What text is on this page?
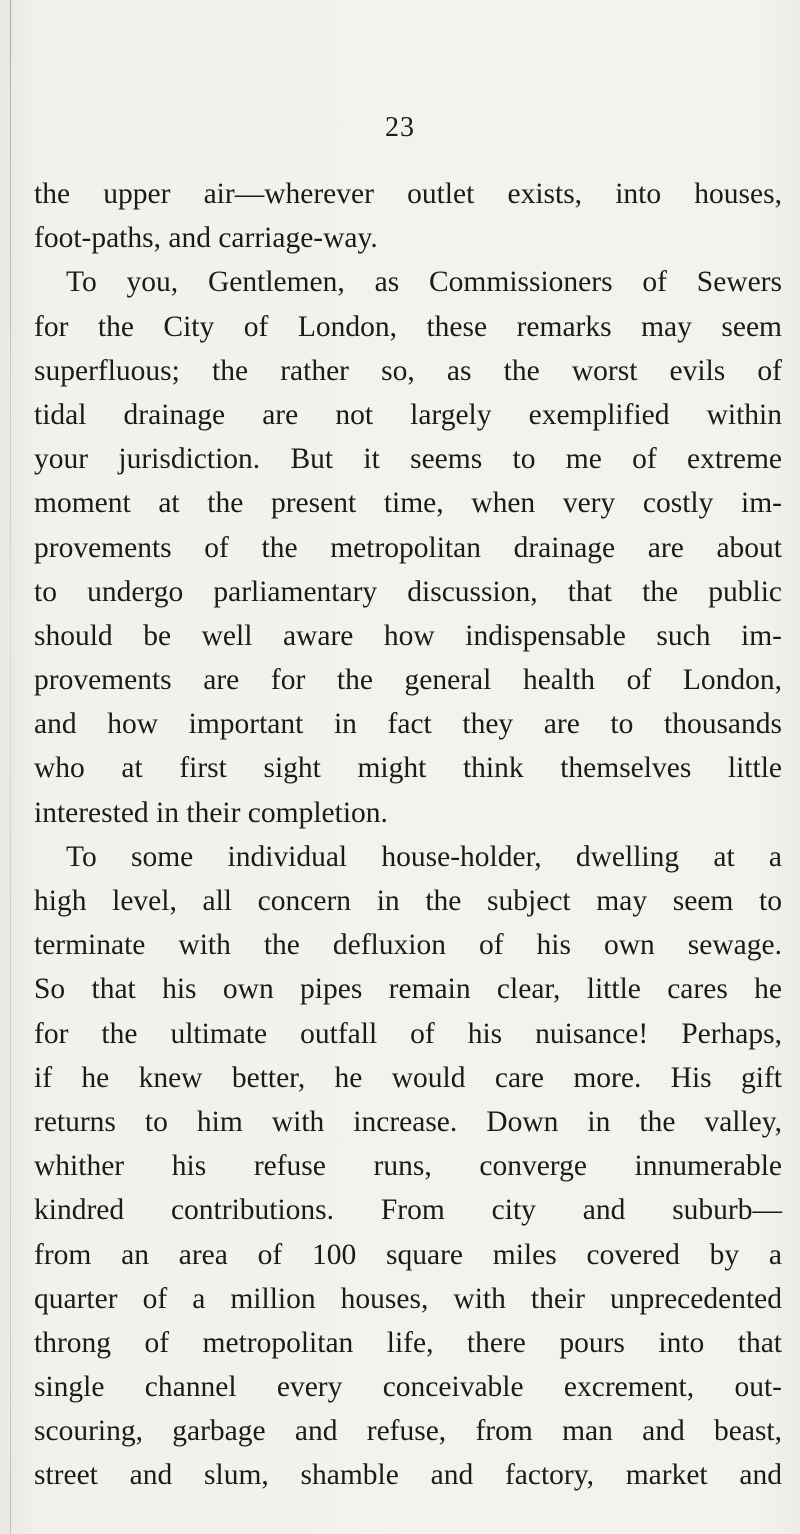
23
the upper air—wherever outlet exists, into houses,
foot-paths, and carriage-way.
To you, Gentlemen, as Commissioners of Sewers
for the City of London, these remarks may seem
superfluous; the rather so, as the worst evils of
tidal drainage are not largely exemplified within
your jurisdiction. But it seems to me of extreme
moment at the present time, when very costly im-
provements of the metropolitan drainage are about
to undergo parliamentary discussion, that the public
should be well aware how indispensable such im-
provements are for the general health of London,
and how important in fact they are to thousands
who at first sight might think themselves little
interested in their completion.
To some individual house-holder, dwelling at a
high level, all concern in the subject may seem to
terminate with the defluxion of his own sewage.
So that his own pipes remain clear, little cares he
for the ultimate outfall of his nuisance! Perhaps,
if he knew better, he would care more. His gift
returns to him with increase. Down in the valley,
whither his refuse runs, converge innumerable
kindred contributions. From city and suburb—
from an area of 100 square miles covered by a
quarter of a million houses, with their unprecedented
throng of metropolitan life, there pours into that
single channel every conceivable excrement, out-
scouring, garbage and refuse, from man and beast,
street and slum, shamble and factory, market and
